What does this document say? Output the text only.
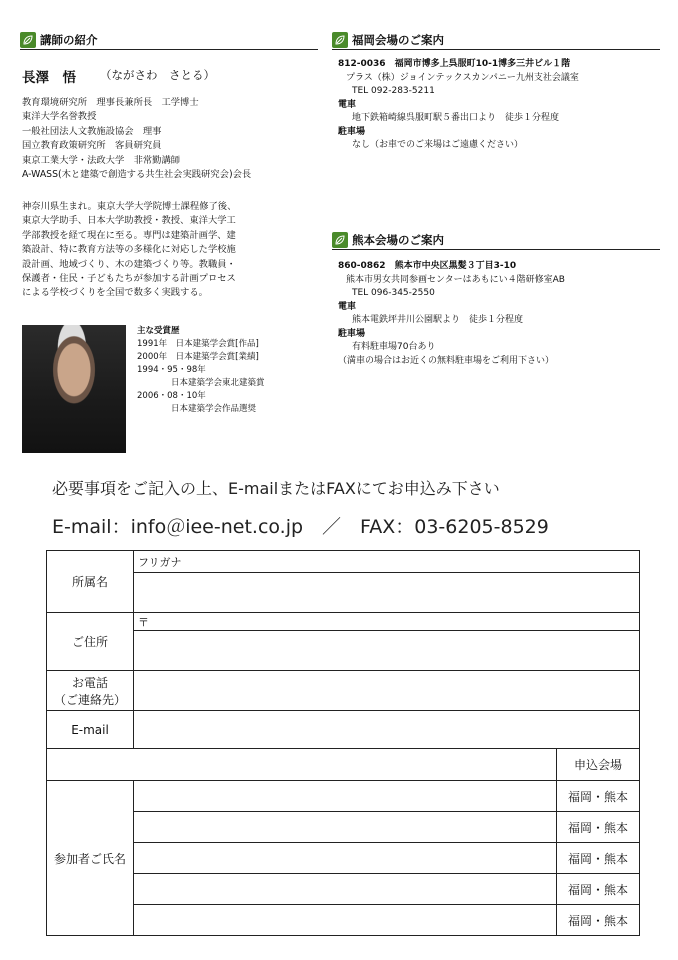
講師の紹介
長澤　悟 （ながさわ　さとる）
教育環境研究所　理事長兼所長　工学博士
東洋大学名誉教授
一般社団法人文教施設協会　理事
国立教育政策研究所　客員研究員
東京工業大学・法政大学　非常勤講師
A-WASS(木と建築で創造する共生社会実践研究会)会長
神奈川県生まれ。東京大学大学院博士課程修了後、
東京大学助手、日本大学助教授・教授、東洋大学工
学部教授を経て現在に至る。専門は建築計画学、建
築設計、特に教育方法等の多様化に対応した学校施
設計画、地域づくり、木の建築づくり等。教職員・
保護者・住民・子どもたちが参加する計画プロセス
による学校づくりを全国で数多く実践する。
主な受賞歴
1991年　日本建築学会賞[作品]
2000年　日本建築学会賞[業績]
1994・95・98年
　　　　日本建築学会東北建築賞
2006・08・10年
　　　　日本建築学会作品選奨
福岡会場のご案内
812-0036　福岡市博多上呉服町10-1博多三井ビル１階
プラス（株）ジョインテックスカンパニー九州支社会議室
TEL 092-283-5211
電車
地下鉄箱崎線呉服町駅５番出口より　徒歩１分程度
駐車場
なし（お車でのご来場はご遠慮ください）
熊本会場のご案内
860-0862　熊本市中央区黒髪３丁目3-10
熊本市男女共同参画センターはあもにい４階研修室AB
TEL 096-345-2550
電車
熊本電鉄坪井川公園駅より　徒歩１分程度
駐車場
有料駐車場70台あり
（満車の場合はお近くの無料駐車場をご利用下さい）
必要事項をご記入の上、E-mailまたはFAXにてお申込み下さい
E-mail：info＠iee-net.co.jp　／　FAX：03-6205-8529
所属名	フリガナ	

ご住所	〒	

お電話
（ご連絡先）		

E-mail		
		申込会場
参加者ご氏名		福岡・熊本
		福岡・熊本
		福岡・熊本
		福岡・熊本
		福岡・熊本
